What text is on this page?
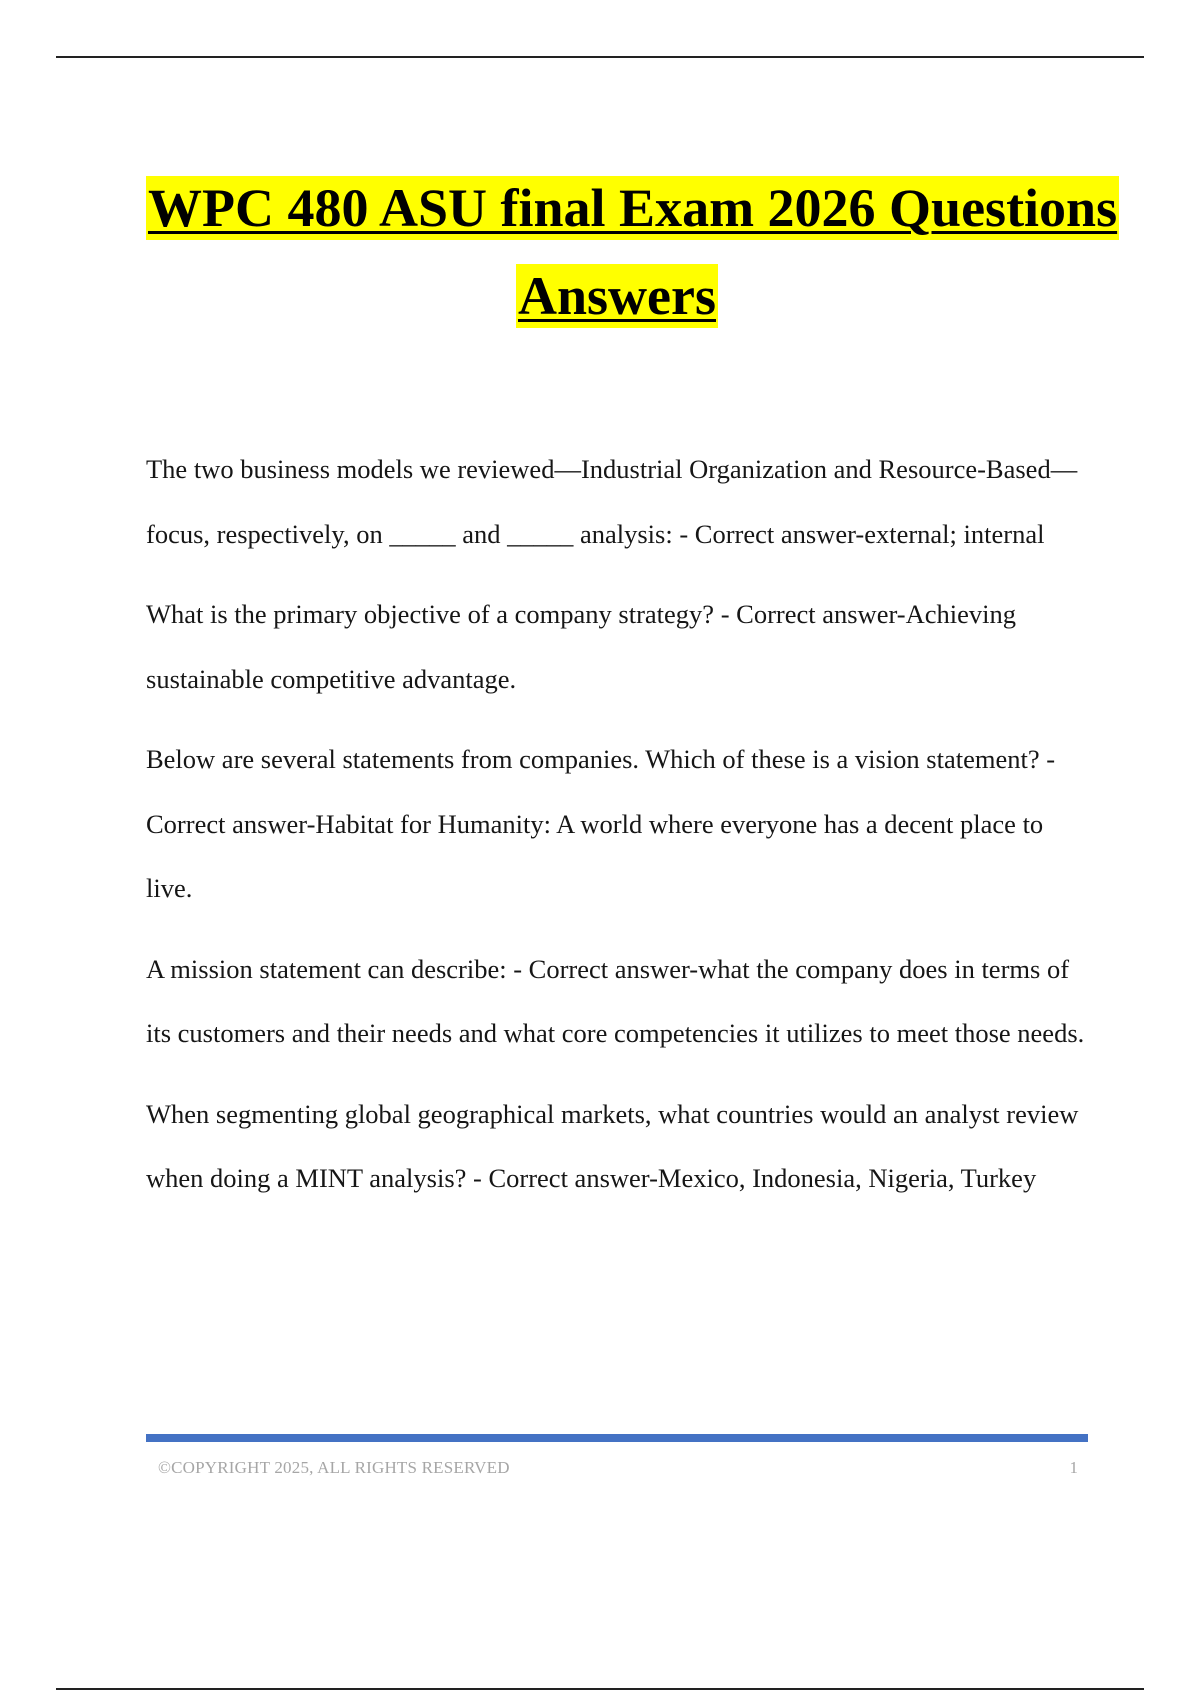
WPC 480 ASU final Exam 2026 Questions
Answers

The two business models we reviewed—Industrial Organization and Resource-Based—focus, respectively, on _____ and _____ analysis: - Correct answer-external; internal

What is the primary objective of a company strategy? - Correct answer-Achieving sustainable competitive advantage.

Below are several statements from companies. Which of these is a vision statement? - Correct answer-Habitat for Humanity: A world where everyone has a decent place to live.

A mission statement can describe: - Correct answer-what the company does in terms of its customers and their needs and what core competencies it utilizes to meet those needs.

When segmenting global geographical markets, what countries would an analyst review when doing a MINT analysis? - Correct answer-Mexico, Indonesia, Nigeria, Turkey

©COPYRIGHT 2025, ALL RIGHTS RESERVED	1
